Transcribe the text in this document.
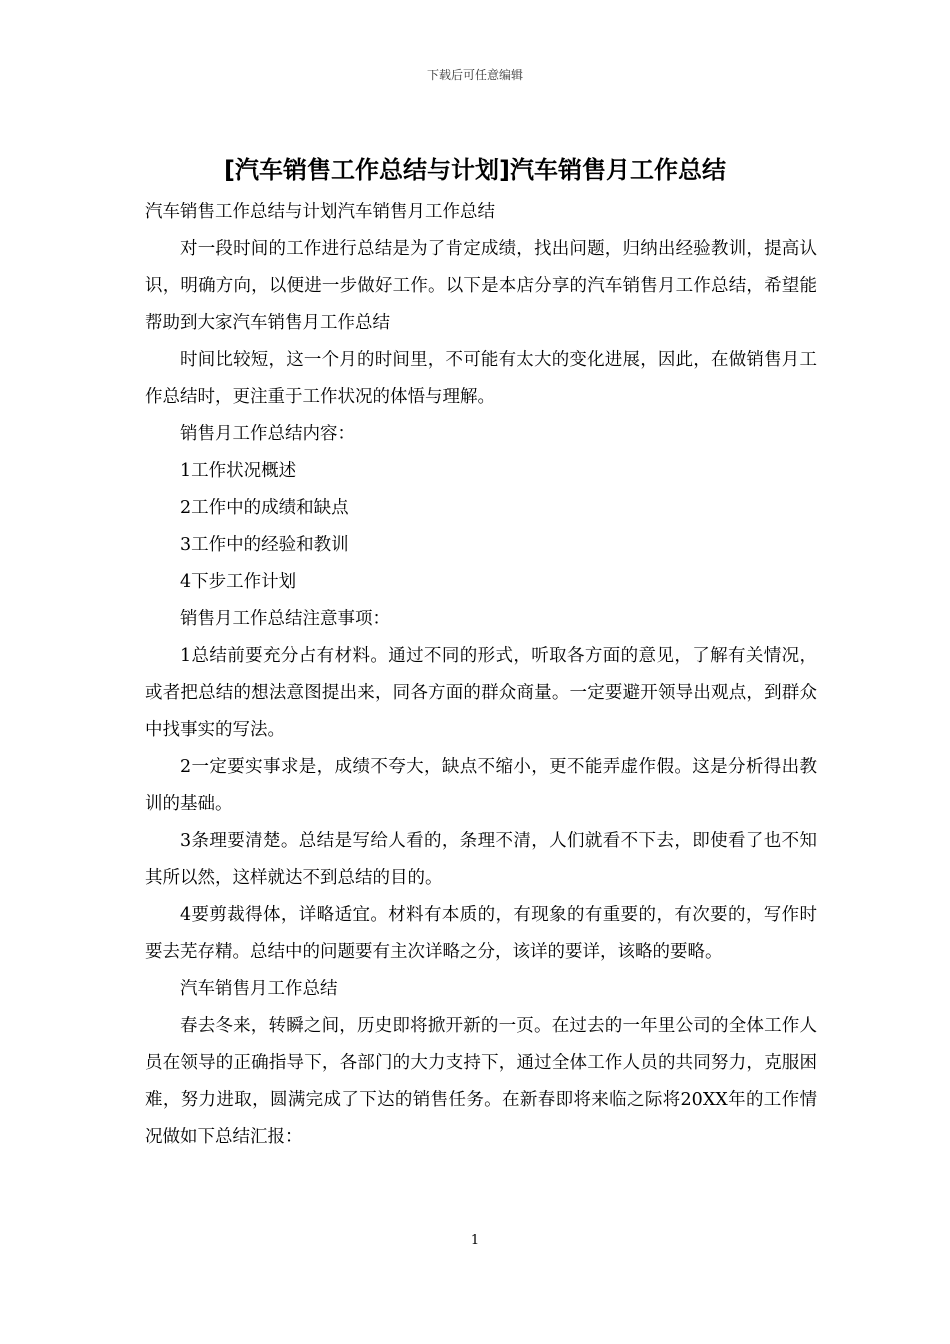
下载后可任意编辑
[汽车销售工作总结与计划]汽车销售月工作总结

汽车销售工作总结与计划汽车销售月工作总结

对一段时间的工作进行总结是为了肯定成绩，找出问题，归纳出经验教训，提高认识，明确方向，以便进一步做好工作。以下是本店分享的汽车销售月工作总结，希望能帮助到大家汽车销售月工作总结

时间比较短，这一个月的时间里，不可能有太大的变化进展，因此，在做销售月工作总结时，更注重于工作状况的体悟与理解。

销售月工作总结内容：

1工作状况概述

2工作中的成绩和缺点

3工作中的经验和教训

4下步工作计划

销售月工作总结注意事项：

1总结前要充分占有材料。通过不同的形式，听取各方面的意见，了解有关情况，或者把总结的想法意图提出来，同各方面的群众商量。一定要避开领导出观点，到群众中找事实的写法。

2一定要实事求是，成绩不夸大，缺点不缩小，更不能弄虚作假。这是分析得出教训的基础。

3条理要清楚。总结是写给人看的，条理不清，人们就看不下去，即使看了也不知其所以然，这样就达不到总结的目的。

4要剪裁得体，详略适宜。材料有本质的，有现象的有重要的，有次要的，写作时要去芜存精。总结中的问题要有主次详略之分，该详的要详，该略的要略。

汽车销售月工作总结

春去冬来，转瞬之间，历史即将掀开新的一页。在过去的一年里公司的全体工作人员在领导的正确指导下，各部门的大力支持下，通过全体工作人员的共同努力，克服困难，努力进取，圆满完成了下达的销售任务。在新春即将来临之际将20XX年的工作情况做如下总结汇报：

1
